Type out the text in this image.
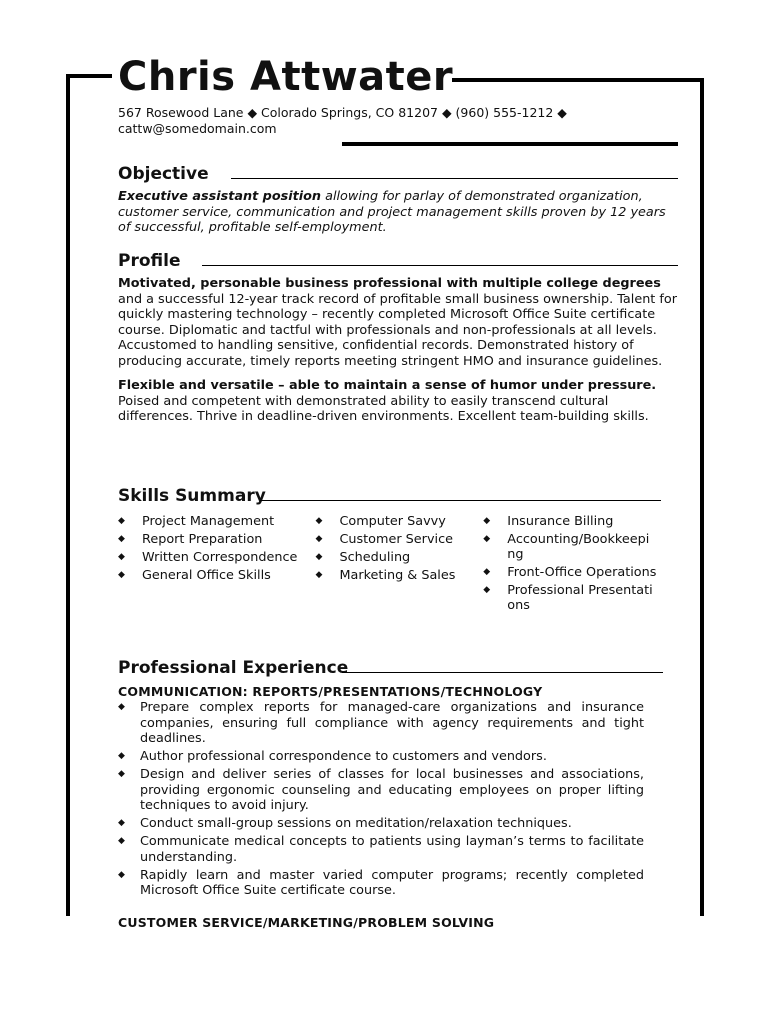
Chris Attwater
567 Rosewood Lane ◆ Colorado Springs, CO 81207 ◆ (960) 555-1212 ◆
cattw@somedomain.com
Objective

Executive assistant position allowing for parlay of demonstrated organization, customer service, communication and project management skills proven by 12 years of successful, profitable self-employment.

Profile

Motivated, personable business professional with multiple college degrees and a successful 12-year track record of profitable small business ownership. Talent for quickly mastering technology – recently completed Microsoft Office Suite certificate course. Diplomatic and tactful with professionals and non-professionals at all levels. Accustomed to handling sensitive, confidential records. Demonstrated history of producing accurate, timely reports meeting stringent HMO and insurance guidelines.

Flexible and versatile – able to maintain a sense of humor under pressure. Poised and competent with demonstrated ability to easily transcend cultural differences. Thrive in deadline-driven environments. Excellent team-building skills.

Skills Summary
◆	Project Management
◆	Report Preparation
◆	Written Correspondence
◆	General Office Skills
◆	Computer Savvy
◆	Customer Service
◆	Scheduling
◆	Marketing & Sales
◆	Insurance Billing
◆	Accounting/Bookkeeping
◆	Front-Office Operations
◆	Professional Presentations
Professional Experience
COMMUNICATION: REPORTS/PRESENTATIONS/TECHNOLOGY
◆	Prepare complex reports for managed-care organizations and insurance companies, ensuring full compliance with agency requirements and tight deadlines.
◆	Author professional correspondence to customers and vendors.
◆	Design and deliver series of classes for local businesses and associations, providing ergonomic counseling and educating employees on proper lifting techniques to avoid injury.
◆	Conduct small-group sessions on meditation/relaxation techniques.
◆	Communicate medical concepts to patients using layman’s terms to facilitate understanding.
◆	Rapidly learn and master varied computer programs; recently completed Microsoft Office Suite certificate course.
CUSTOMER SERVICE/MARKETING/PROBLEM SOLVING
